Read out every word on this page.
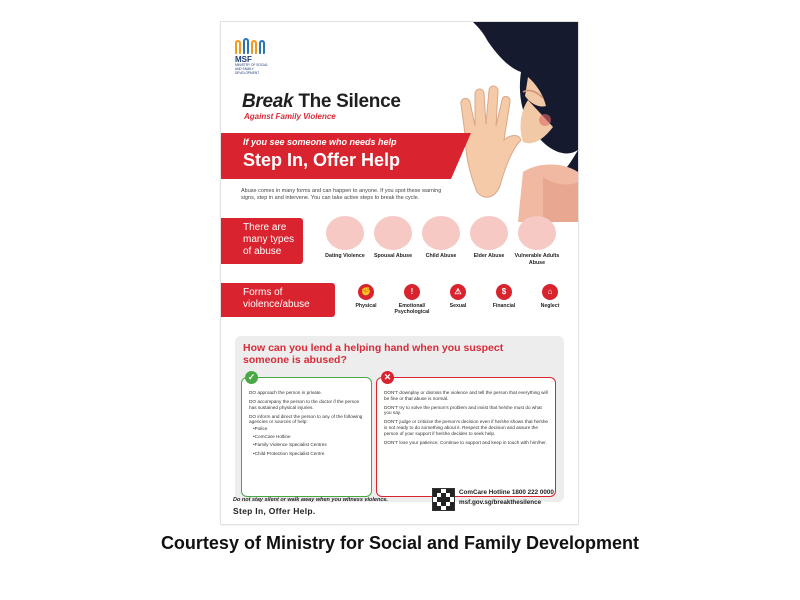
MSF
MINISTRY OF SOCIAL AND FAMILY DEVELOPMENT
Break The Silence
Against Family Violence
If you see someone who needs help
Step In, Offer Help
Abuse comes in many forms and can happen to anyone. If you spot these warning signs, step in and intervene. You can take active steps to break the cycle.
There are many types of abuse	Dating Violence	Spousal Abuse	Child Abuse	Elder Abuse	Vulnerable Adults Abuse
Forms of violence/abuse
✊
Physical
!
Emotional/ Psychological
⚠
Sexual
$
Financial
⌂
Neglect
How can you lend a helping hand when you suspect someone is abused?
DO approach the person in private.
DO accompany the person to the doctor if the person has sustained physical injuries.
DO inform and direct the person to any of the following agencies or sources of help:
• Police
• ComCare Hotline
• Family Violence Specialist Centres
• Child Protection Specialist Centre
✓
DON'T downplay or dismiss the violence and tell the person that everything will be fine or that abuse is normal.
DON'T try to solve the person's problem and insist that he/she must do what you say.
DON'T judge or criticise the person's decision even if he/she shows that he/she is not ready to do something about it. Respect the decision and assure the person of your support if he/she decides to seek help.
DON'T lose your patience. Continue to support and keep in touch with him/her.
✕
Do not stay silent or walk away when you witness violence.
Step In, Offer Help.
ComCare Hotline 1800 222 0000
msf.gov.sg/breakthesilence
Courtesy of Ministry for Social and Family Development
